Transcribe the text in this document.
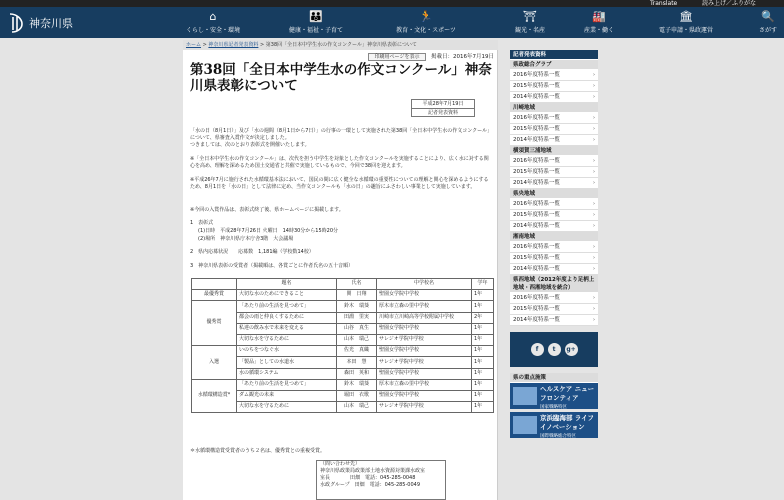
Translate	読み上げ／ふりがな
神奈川県	⌂
くらし・安全・環境
👪
健康・福祉・子育て
🏃
教育・文化・スポーツ
⛩
観光・名産
🏭
産業・働く
🏛
電子申請・県政運営
🔍
さがす
ホーム > 神奈川県記者発表資料 > 第38回「全日本中学生水の作文コンクール」神奈川県表彰について
印刷用ページを表示	掲載日：2016年7月19日
第38回「全日本中学生水の作文コンクール」神奈川県表彰について
平成28年7月19日
記者発表資料

「水の日（8月1日）」及び「水の週間（8月1日から7日）」の行事の一環として実施された第38回「全日本中学生水の作文コンクール」について、県審査入賞作文が決定しました。

つきましては、次のとおり表彰式を開催いたします。

※「全日本中学生水の作文コンクール」は、次代を担う中学生を対象とした作文コンクールを実施することにより、広く水に対する関心を高め、理解を深めるため国土交通省と共催で実施しているもので、今回で38回を迎えます。

※平成26年7月に施行された水循環基本法において、国民の間に広く健全な水循環の重要性についての理解と関心を深めるようにするため、8月1日を「水の日」として法律に定め、当作文コンクールも「水の日」の趣旨にふさわしい事業として実施しています。

※今回の入賞作品は、表彰式終了後、県ホームページに掲載します。

1　表彰式

(1)日時　平成28年7月26日 火曜日　14時30分から15時20分

(2)場所　神奈川県庁本庁舎3階　大会議場

2　県内応募状況　　応募数　1,181編（学校数14校）

3　神奈川県表彰の受賞者（掲載順は、各賞ごとに作者氏名の五十音順）

	題名	氏名	中学校名	学年
最優秀賞	大切な水のためにできること	関　日翔	聖園女学院中学校	1年
優秀賞	「あたり前の生活を見つめて」	鈴木　瑞葵	厚木市立森の里中学校	1年
	都会の雨と仲良くするために	田淵　里実	川崎市立川崎高等学校附属中学校	2年
	私達の飲み水で未来を変える	山谷　真生	聖園女学院中学校	1年
	大切な水を守るために	山本　瑞己	サレジオ学院中学校	1年
入選	いのちをつなぐ水	佐光　真織	聖園女学院中学校	1年
	「製品」としての水道水	本田　慧	サレジオ学院中学校	1年
	水の循環システム	森田　英和	聖園女学院中学校	1年
水循環構造賞*	「あたり前の生活を見つめて」	鈴木　瑞葵	厚木市立森の里中学校	1年
	ダム観光の未来	堀田　衣歌	聖園女学院中学校	1年
	大切な水を守るために	山本　瑞己	サレジオ学院中学校	1年

＊水循環構造賞受賞者のうち２名は、優秀賞との重複受賞。

（問い合わせ先）
神奈川県政策局政策部土地水資源対策課水政室
室長　　　　田畑　電話：045-285-0048
水政グループ　田畑　電話：045-285-0049
記者発表資料
県政総合グラブ
2016年度特系一覧	›
2015年度特系一覧	›
2014年度特系一覧	›
川崎地域
2016年度特系一覧	›
2015年度特系一覧	›
2014年度特系一覧	›
横須賀三浦地域
2016年度特系一覧	›
2015年度特系一覧	›
2014年度特系一覧	›
県央地域
2016年度特系一覧	›
2015年度特系一覧	›
2014年度特系一覧	›
湘南地域
2016年度特系一覧	›
2015年度特系一覧	›
2014年度特系一覧	›
県西地域（2012年度より足柄上地域・西湘地域を統合）
2016年度特系一覧	›
2015年度特系一覧	›
2014年度特系一覧	›
f	t	g+
県の重点施策
ヘルスケア ニューフロンティア
国家戦略特区
京浜臨海部 ライフイノベーション
国際戦略総合特区
